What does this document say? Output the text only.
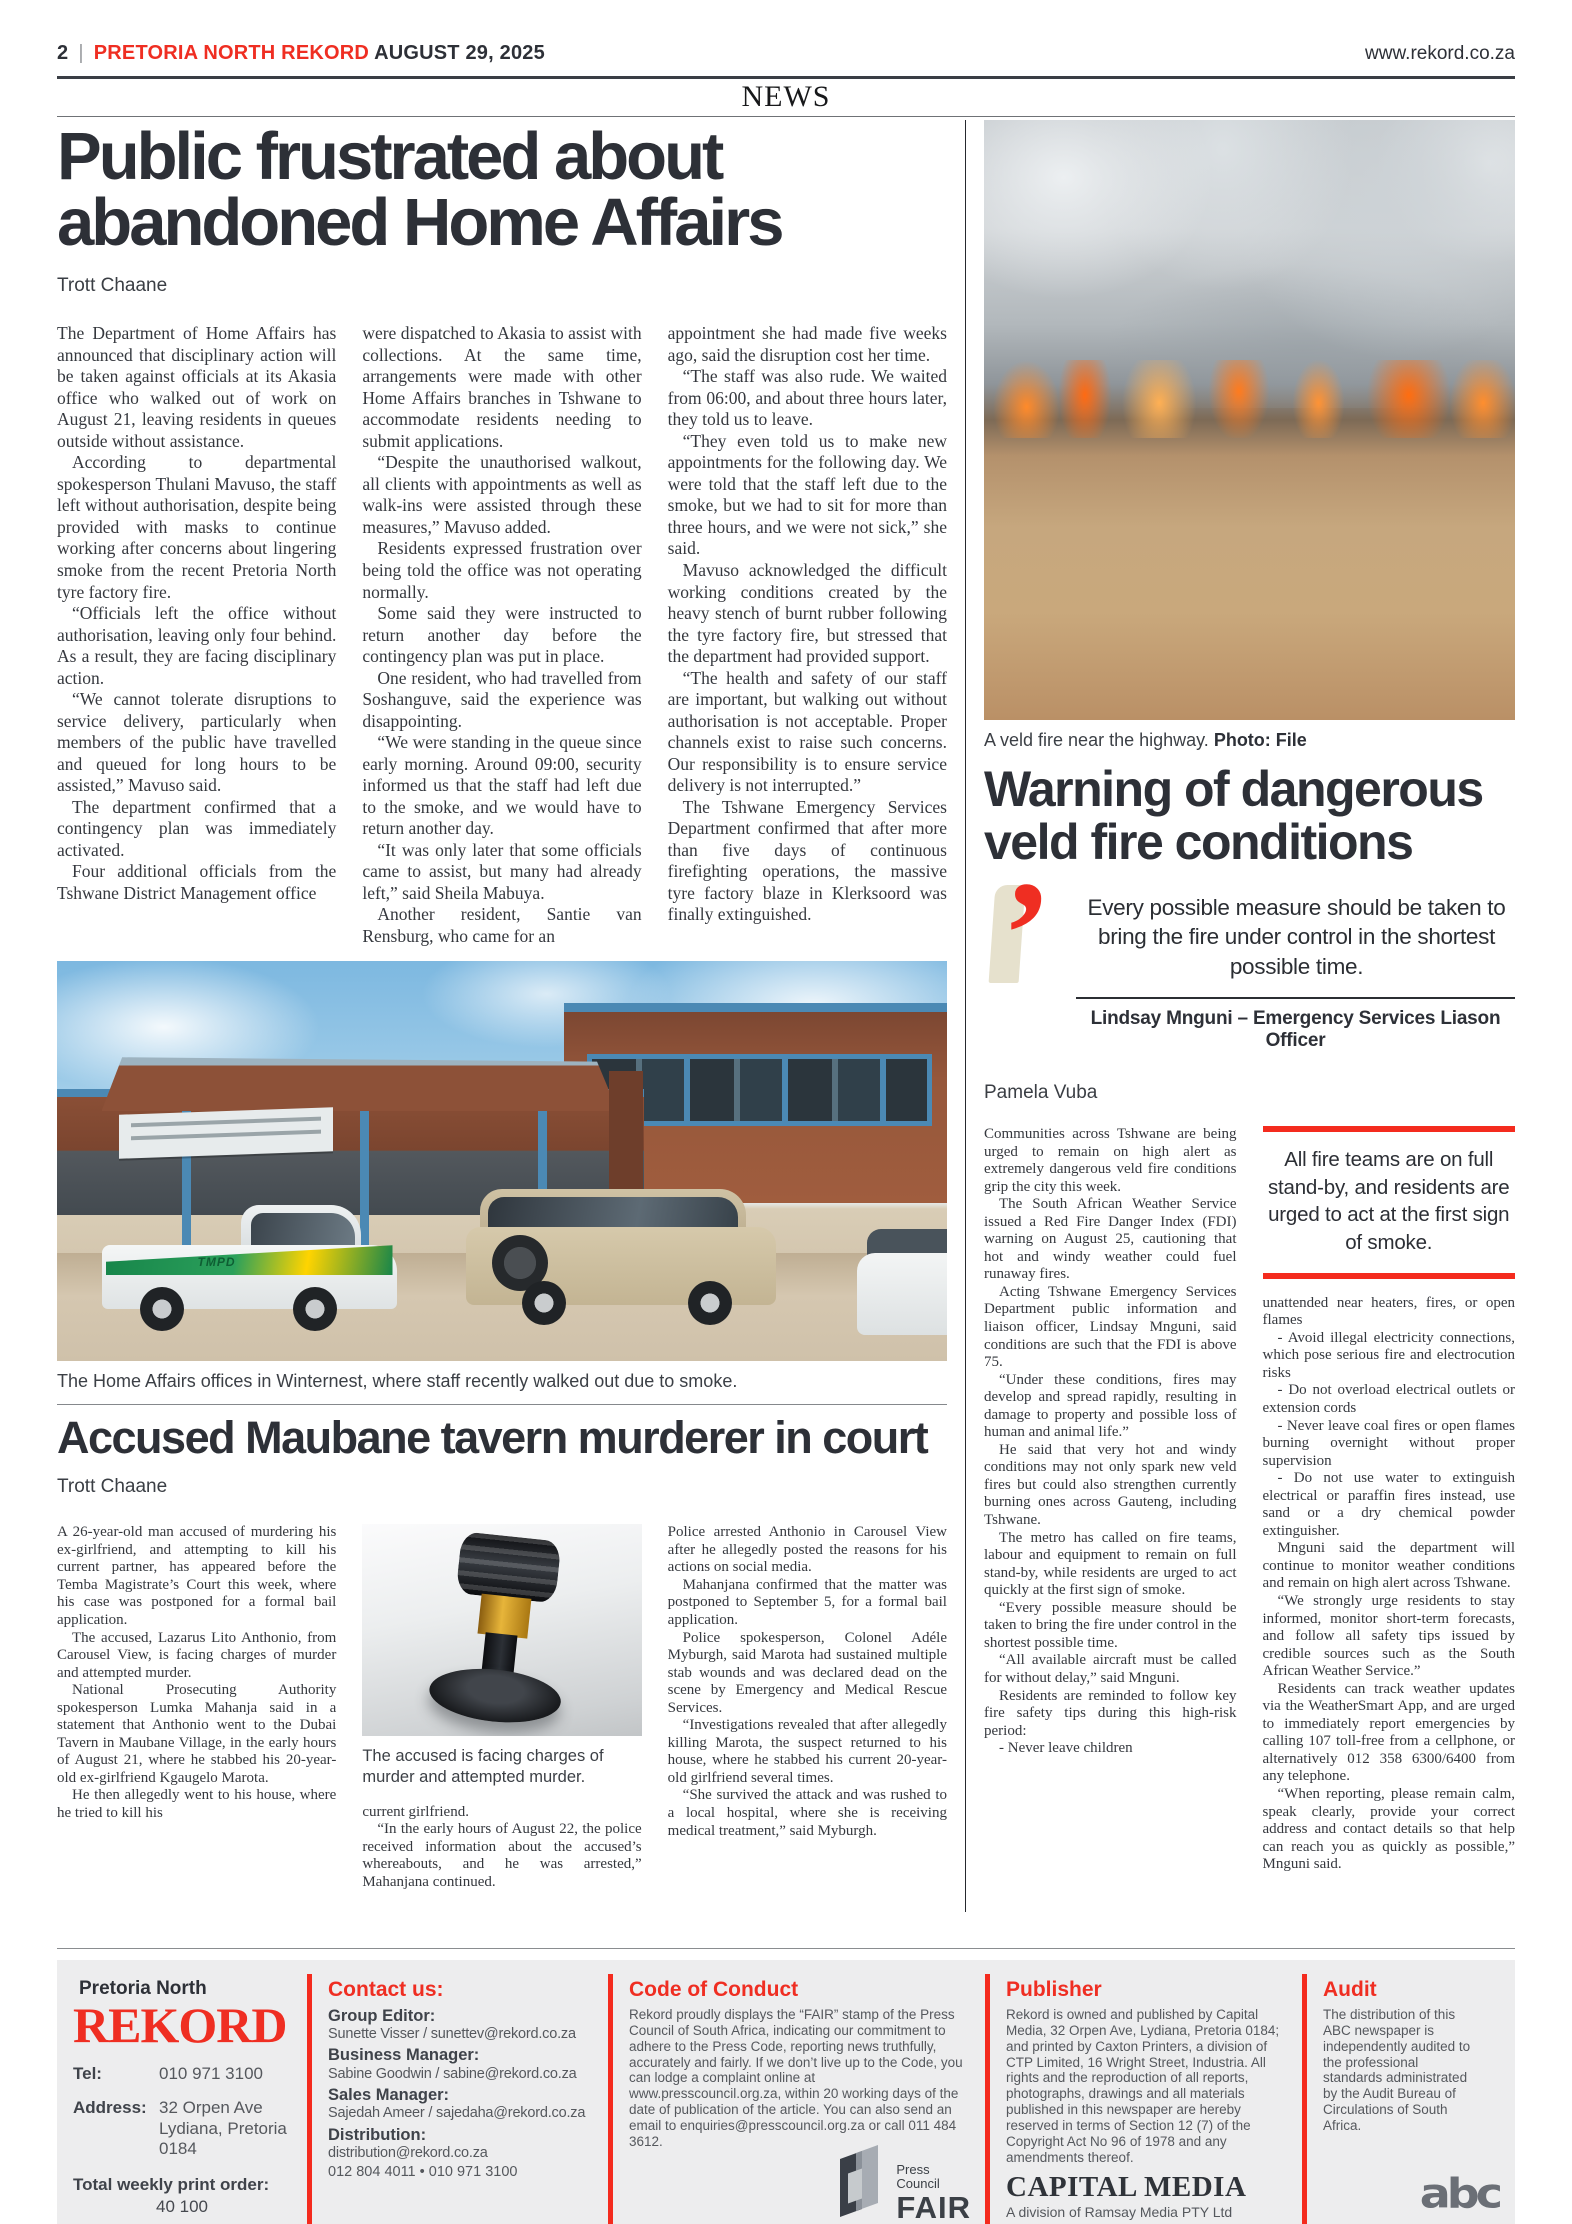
2 | PRETORIA NORTH REKORD AUGUST 29, 2025	www.rekord.co.za
NEWS
Public frustrated about abandoned Home Affairs
Trott Chaane

The Department of Home Affairs has announced that disciplinary action will be taken against officials at its Akasia office who walked out of work on August 21, leaving residents in queues outside without assistance.

According to departmental spokesperson Thulani Mavuso, the staff left without authorisation, despite being provided with masks to continue working after concerns about lingering smoke from the recent Pretoria North tyre factory fire.

“Officials left the office without authorisation, leaving only four behind. As a result, they are facing disciplinary action.

“We cannot tolerate disruptions to service delivery, particularly when members of the public have travelled and queued for long hours to be assisted,” Mavuso said.

The department confirmed that a contingency plan was immediately activated.

Four additional officials from the Tshwane District Management office

were dispatched to Akasia to assist with collections. At the same time, arrangements were made with other Home Affairs branches in Tshwane to accommodate residents needing to submit applications.

“Despite the unauthorised walkout, all clients with appointments as well as walk-ins were assisted through these measures,” Mavuso added.

Residents expressed frustration over being told the office was not operating normally.

Some said they were instructed to return another day before the contingency plan was put in place.

One resident, who had travelled from Soshanguve, said the experience was disappointing.

“We were standing in the queue since early morning. Around 09:00, security informed us that the staff had left due to the smoke, and we would have to return another day.

“It was only later that some officials came to assist, but many had already left,” said Sheila Mabuya.

Another resident, Santie van Rensburg, who came for an

appointment she had made five weeks ago, said the disruption cost her time.

“The staff was also rude. We waited from 06:00, and about three hours later, they told us to leave.

“They even told us to make new appointments for the following day. We were told that the staff left due to the smoke, but we had to sit for more than three hours, and we were not sick,” she said.

Mavuso acknowledged the difficult working conditions created by the heavy stench of burnt rubber following the tyre factory fire, but stressed that the department had provided support.

“The health and safety of our staff are important, but walking out without authorisation is not acceptable. Proper channels exist to raise such concerns. Our responsibility is to ensure service delivery is not interrupted.”

The Tshwane Emergency Services Department confirmed that after more than five days of continuous firefighting operations, the massive tyre factory blaze in Klerksoord was finally extinguished.

TMPD
The Home Affairs offices in Winternest, where staff recently walked out due to smoke.
Accused Maubane tavern murderer in court
Trott Chaane

A 26-year-old man accused of murdering his ex-girlfriend, and attempting to kill his current partner, has appeared before the Temba Magistrate’s Court this week, where his case was postponed for a formal bail application.

The accused, Lazarus Lito Anthonio, from Carousel View, is facing charges of murder and attempted murder.

National Prosecuting Authority spokesperson Lumka Mahanja said in a statement that Anthonio went to the Dubai Tavern in Maubane Village, in the early hours of August 21, where he stabbed his 20-year-old ex-girlfriend Kgaugelo Marota.

He then allegedly went to his house, where he tried to kill his

The accused is facing charges of murder and attempted murder.

current girlfriend.

“In the early hours of August 22, the police received information about the accused’s whereabouts, and he was arrested,” Mahanjana continued.

Police arrested Anthonio in Carousel View after he allegedly posted the reasons for his actions on social media.

Mahanjana confirmed that the matter was postponed to September 5, for a formal bail application.

Police spokesperson, Colonel Adéle Myburgh, said Marota had sustained multiple stab wounds and was declared dead on the scene by Emergency and Medical Rescue Services.

“Investigations revealed that after allegedly killing Marota, the suspect returned to his house, where he stabbed his current 20-year-old girlfriend several times.

“She survived the attack and was rushed to a local hospital, where she is receiving medical treatment,” said Myburgh.

A veld fire near the highway. Photo: File
Warning of dangerous veld fire conditions
’	Every possible measure should be taken to bring the fire under control in the shortest possible time.
Lindsay Mnguni – Emergency Services Liason Officer
Pamela Vuba

Communities across Tshwane are being urged to remain on high alert as extremely dangerous veld fire conditions grip the city this week.

The South African Weather Service issued a Red Fire Danger Index (FDI) warning on August 25, cautioning that hot and windy weather could fuel runaway fires.

Acting Tshwane Emergency Services Department public information and liaison officer, Lindsay Mnguni, said conditions are such that the FDI is above 75.

“Under these conditions, fires may develop and spread rapidly, resulting in damage to property and possible loss of human and animal life.”

He said that very hot and windy conditions may not only spark new veld fires but could also strengthen currently burning ones across Gauteng, including Tshwane.

The metro has called on fire teams, labour and equipment to remain on full stand-by, while residents are urged to act quickly at the first sign of smoke.

“Every possible measure should be taken to bring the fire under control in the shortest possible time.

“All available aircraft must be called for without delay,” said Mnguni.

Residents are reminded to follow key fire safety tips during this high-risk period:

- Never leave children

All fire teams are on full stand-by, and residents are urged to act at the first sign of smoke.

unattended near heaters, fires, or open flames

- Avoid illegal electricity connections, which pose serious fire and electrocution risks

- Do not overload electrical outlets or extension cords

- Never leave coal fires or open flames burning overnight without proper supervision

- Do not use water to extinguish electrical or paraffin fires instead, use sand or a dry chemical powder extinguisher.

Mnguni said the department will continue to monitor weather conditions and remain on high alert across Tshwane.

“We strongly urge residents to stay informed, monitor short-term forecasts, and follow all safety tips issued by credible sources such as the South African Weather Service.”

Residents can track weather updates via the WeatherSmart App, and are urged to immediately report emergencies by calling 107 toll-free from a cellphone, or alternatively 012 358 6300/6400 from any telephone.

“When reporting, please remain calm, speak clearly, provide your correct address and contact details so that help can reach you as quickly as possible,” Mnguni said.

Pretoria North
REKORD
Tel:	010 971 3100
Address: 32 Orpen Ave

Lydiana, Pretoria

0184

Total weekly print order:
40 100
Contact us:
Group Editor:
Sunette Visser / sunettev@rekord.co.za
Business Manager:
Sabine Goodwin / sabine@rekord.co.za
Sales Manager:
Sajedah Ameer / sajedaha@rekord.co.za
Distribution:
distribution@rekord.co.za
012 804 4011 • 010 971 3100
Code of Conduct
Rekord proudly displays the “FAIR” stamp of the Press Council of South Africa, indicating our commitment to adhere to the Press Code, reporting news truthfully, accurately and fairly. If we don’t live up to the Code, you can lodge a complaint online at www.presscouncil.org.za, within 20 working days of the date of publication of the article. You can also send an email to enquiries@presscouncil.org.za or call 011 484 3612.
Press
Council
FAIR
Publisher
Rekord is owned and published by Capital Media, 32 Orpen Ave, Lydiana, Pretoria 0184; and printed by Caxton Printers, a division of CTP Limited, 16 Wright Street, Industria. All rights and the reproduction of all reports, photographs, drawings and all materials published in this newspaper are hereby reserved in terms of Section 12 (7) of the Copyright Act No 96 of 1978 and any amendments thereof.
CAPITAL MEDIA
A division of Ramsay Media PTY Ltd
Audit
The distribution of this ABC newspaper is independently audited to the professional standards administrated by the Audit Bureau of Circulations of South Africa.
abc
